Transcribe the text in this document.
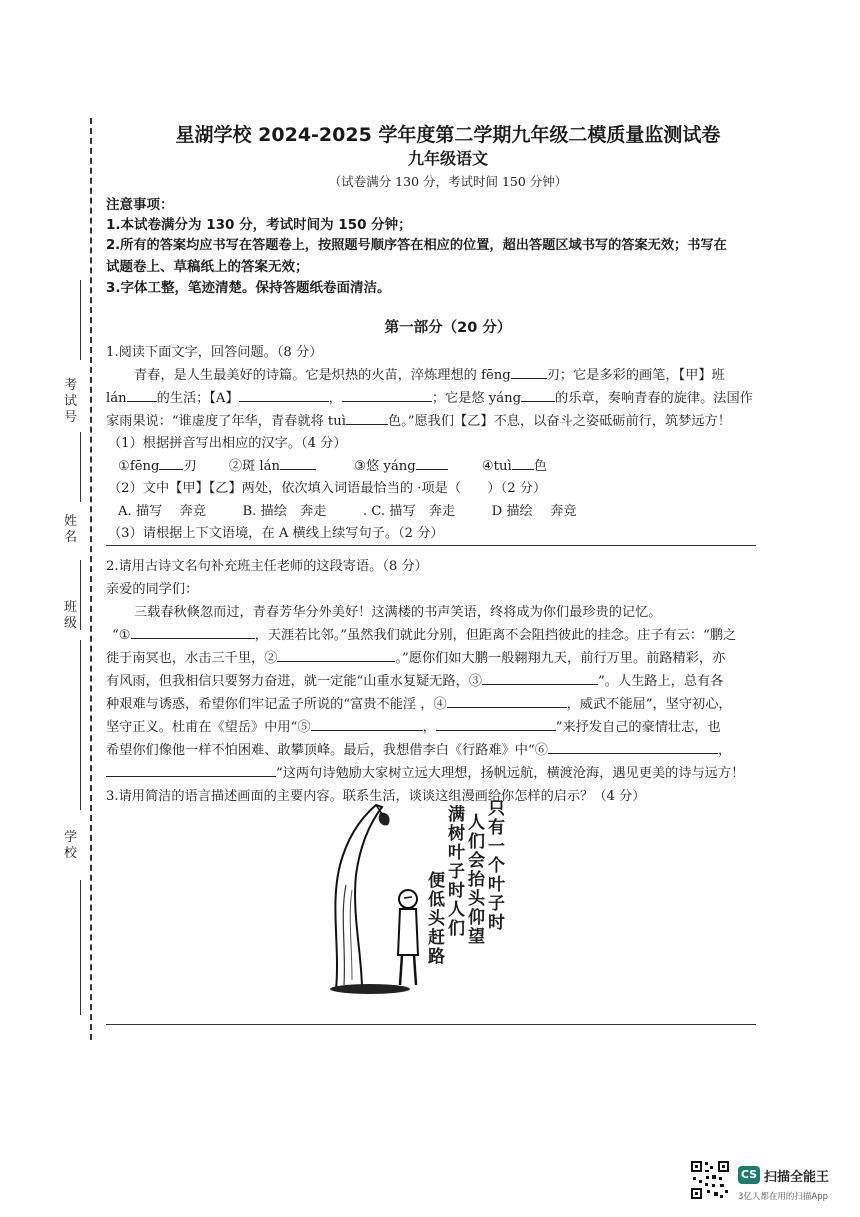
考试号
姓名
班级
学校
星湖学校 2024-2025 学年度第二学期九年级二模质量监测试卷
九年级语文
（试卷满分 130 分，考试时间 150 分钟）
注意事项：
1.本试卷满分为 130 分，考试时间为 150 分钟；
2.所有的答案均应书写在答题卷上，按照题号顺序答在相应的位置，超出答题区域书写的答案无效；书写在
试题卷上、草稿纸上的答案无效；
3.字体工整，笔迹清楚。保持答题纸卷面清洁。
第一部分（20 分）
1.阅读下面文字，回答问题。（8 分）
青春，是人生最美好的诗篇。它是炽热的火苗，淬炼理想的 fēng	刃；它是多彩的画笔，【甲】班
lán 的生活；【A】	，	；它是悠 yáng	的乐章，奏响青春的旋律。法国作
家雨果说：“谁虚度了年华，青春就将 tuì	色。”愿我们【乙】不息，以奋斗之姿砥砺前行，筑梦远方！
（1）根据拼音写出相应的汉字。（4 分）
①fēng 刃 ②斑 lán	③悠 yáng	④tuì 色
（2）文中【甲】【乙】两处，依次填入词语最恰当的 ·项是（　　）（2 分）
A. 描写　 奔竞	B. 描绘　奔走	. C. 描写　奔走	D 描绘　 奔竞
（3）请根据上下文语境，在 A 横线上续写句子。（2 分）
2.请用古诗文名句补充班主任老师的这段寄语。（8 分）
亲爱的同学们：
三载春秋倏忽而过，青春芳华分外美好！这满楼的书声笑语，终将成为你们最珍贵的记忆。
“①	，天涯若比邻。”虽然我们就此分别，但距离不会阻挡彼此的挂念。庄子有云：“鹏之
徙于南冥也，水击三千里，②	。”愿你们如大鹏一般翱翔九天，前行万里。前路精彩，亦
有风雨，但我相信只要努力奋进，就一定能“山重水复疑无路，③	”。人生路上，总有各
种艰难与诱惑，希望你们牢记孟子所说的“富贵不能淫 ，④	，威武不能屈”，坚守初心，
坚守正义。杜甫在《望岳》中用“⑤	，	”来抒发自己的豪情壮志，也
希望你们像他一样不怕困难、敢攀顶峰。最后，我想借李白《行路难》中“⑥	，
”这两句诗勉励大家树立远大理想，扬帆远航，横渡沧海，遇见更美的诗与远方！
3.请用简洁的语言描述画面的主要内容。联系生活，谈谈这组漫画给你怎样的启示？（4 分）
只有一个叶子时
人们会抬头仰望
满树叶子时人们
便低头赶路
CS 扫描全能王
3亿人都在用的扫描App
